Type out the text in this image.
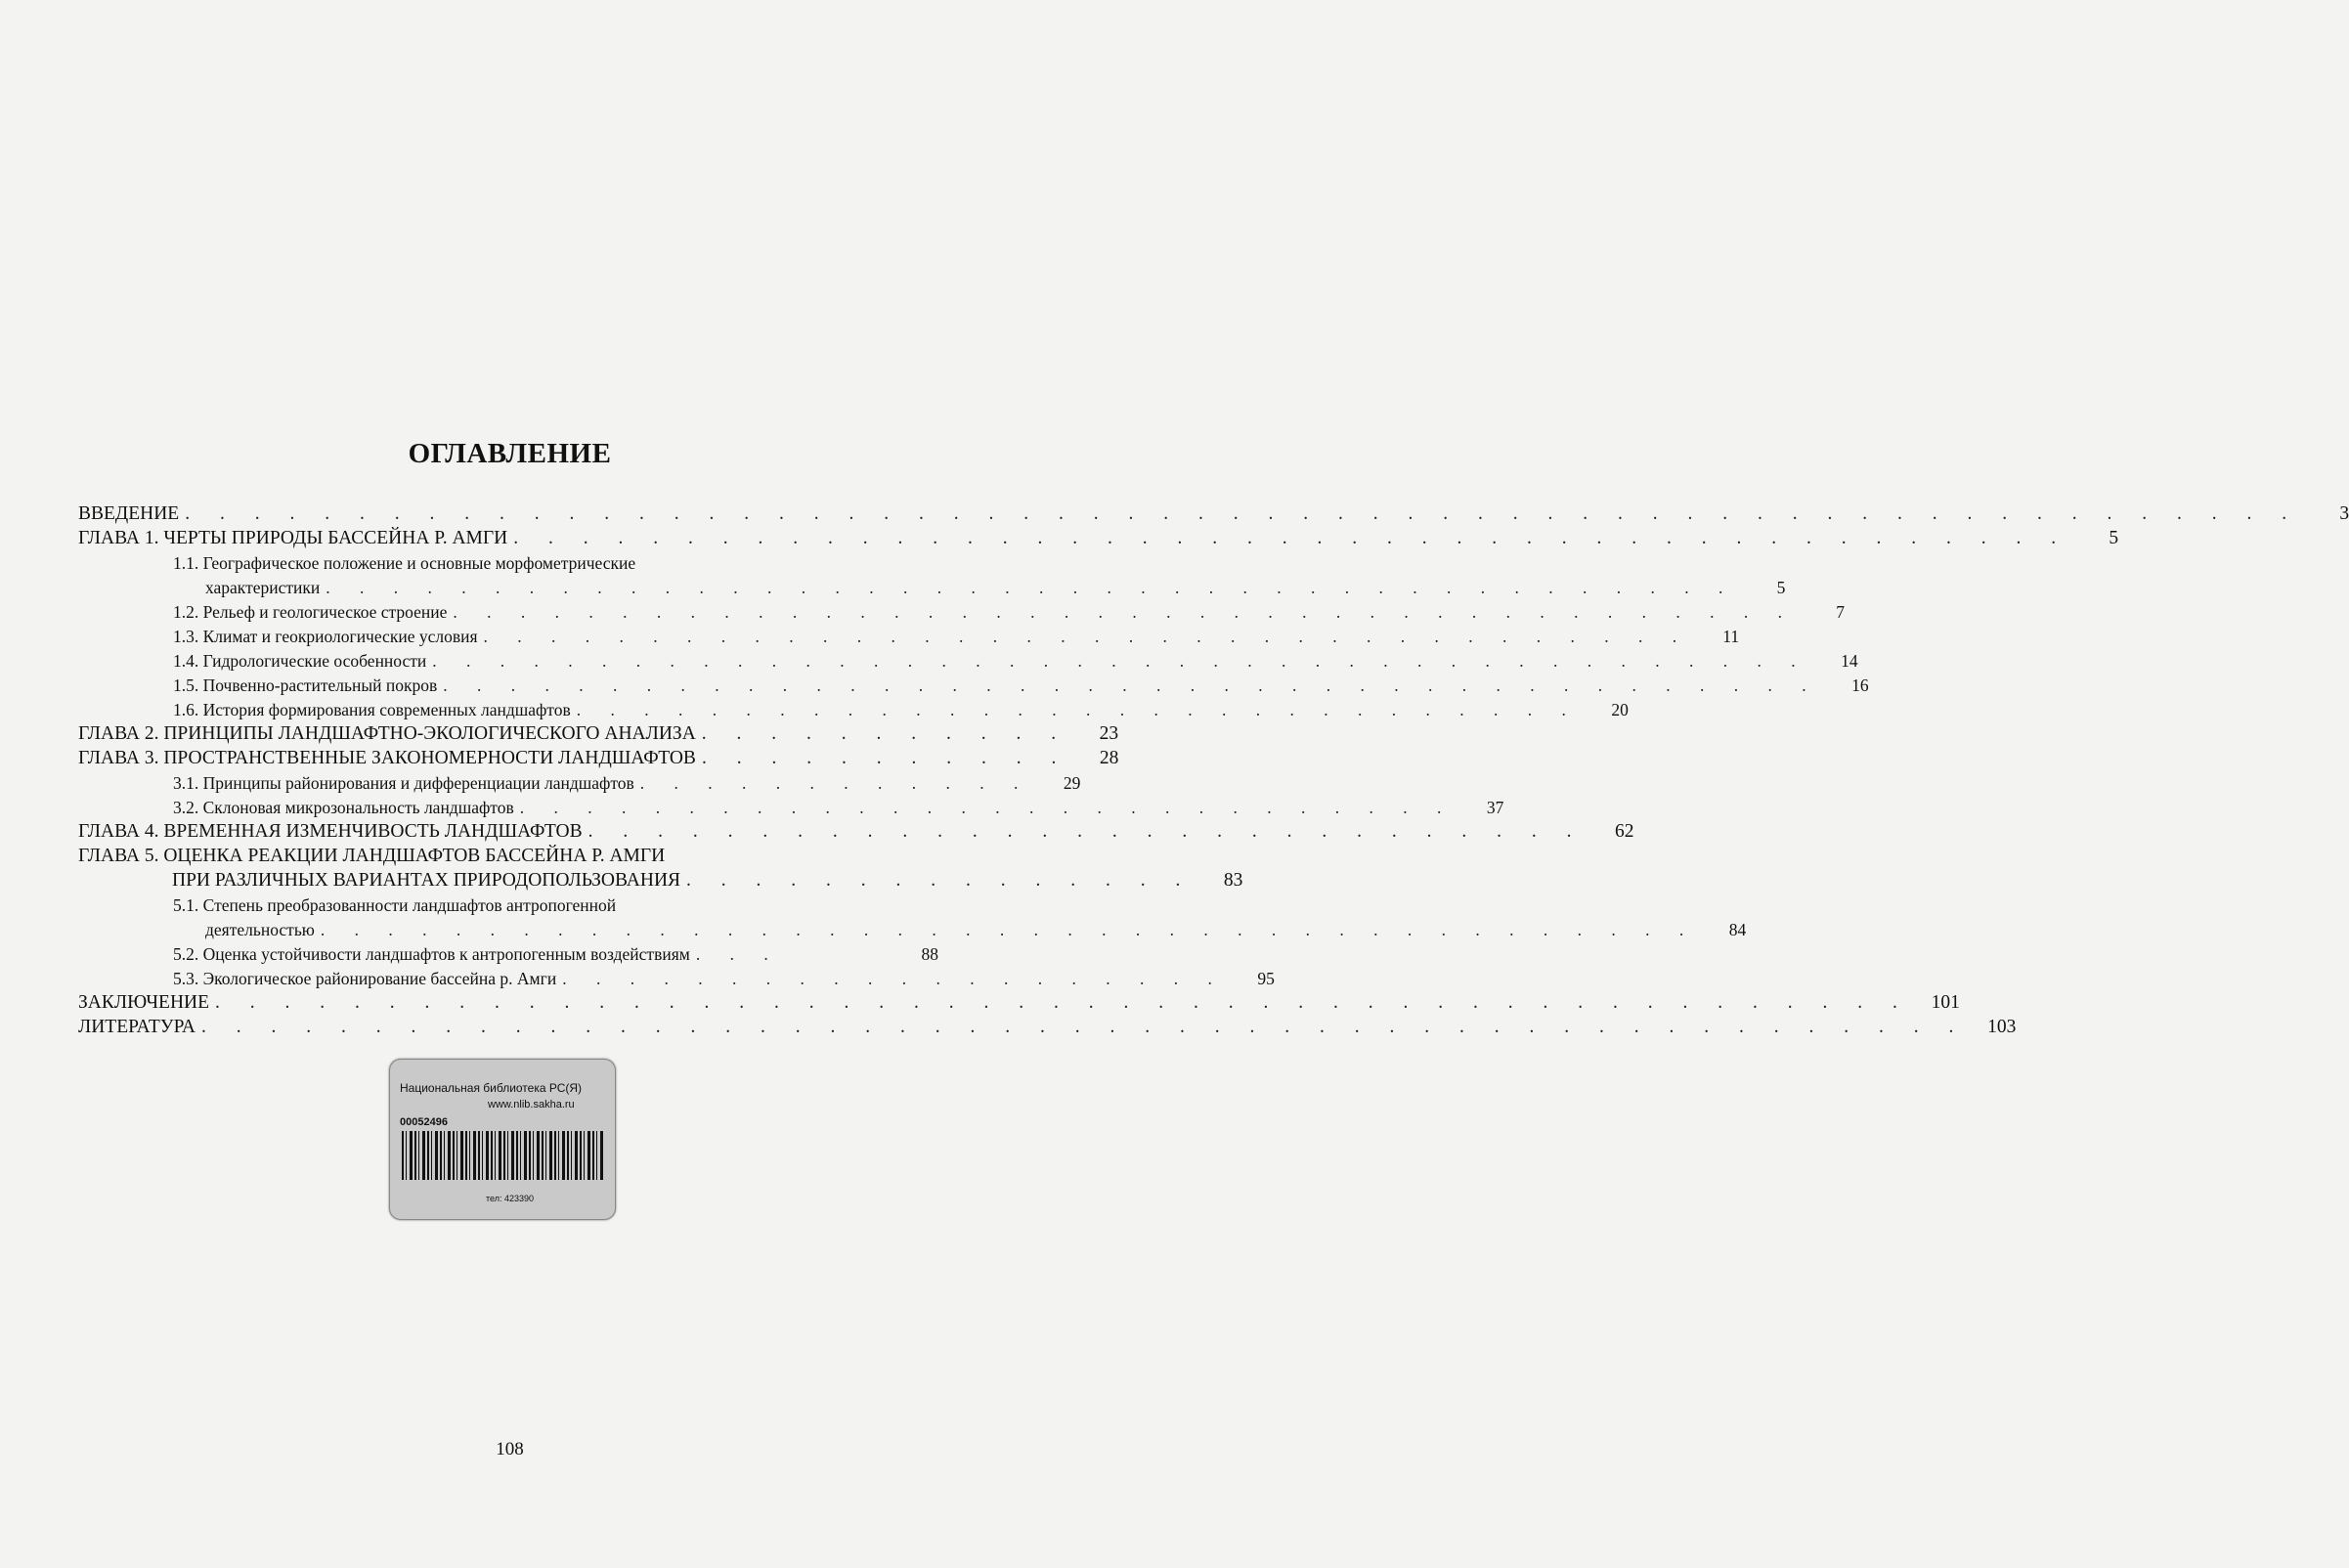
ОГЛАВЛЕНИЕ
ВВЕДЕНИЕ . . . . . . . . . . . . . . . . . . . . . . . . . . . . . . . . . . . . . . . . . . . . . . . . . . . . . . . . . . . . .	3
ГЛАВА 1. ЧЕРТЫ ПРИРОДЫ БАССЕЙНА Р. АМГИ . . . . . . . . . . . . . . . . . . . . . . . . . . . . . . . . . . . . . . . . . . . . .	5
1.1. Географическое положение и основные морфометрические
характеристики . . . . . . . . . . . . . . . . . . . . . . . . . . . . . . . . . . . . . . . . . .	5
1.2. Рельеф и геологическое строение . . . . . . . . . . . . . . . . . . . . . . . . . . . . . . . . . . . . . . . .	7
1.3. Климат и геокриологические условия . . . . . . . . . . . . . . . . . . . . . . . . . . . . . . . . . . . .	11
1.4. Гидрологические особенности . . . . . . . . . . . . . . . . . . . . . . . . . . . . . . . . . . . . . . . . .	14
1.5. Почвенно-растительный покров . . . . . . . . . . . . . . . . . . . . . . . . . . . . . . . . . . . . . . . . .	16
1.6. История формирования современных ландшафтов . . . . . . . . . . . . . . . . . . . . . . . . . . . . . .	20
ГЛАВА 2. ПРИНЦИПЫ ЛАНДШАФТНО-ЭКОЛОГИЧЕСКОГО АНАЛИЗА . . . . . . . . . . .	23
ГЛАВА 3. ПРОСТРАНСТВЕННЫЕ ЗАКОНОМЕРНОСТИ ЛАНДШАФТОВ . . . . . . . . . . .	28
3.1. Принципы районирования и дифференциации ландшафтов . . . . . . . . . . . .	29
3.2. Склоновая микрозональность ландшафтов . . . . . . . . . . . . . . . . . . . . . . . . . . . .	37
ГЛАВА 4. ВРЕМЕННАЯ ИЗМЕНЧИВОСТЬ ЛАНДШАФТОВ . . . . . . . . . . . . . . . . . . . . . . . . . . . . .	62
ГЛАВА 5. ОЦЕНКА РЕАКЦИИ ЛАНДШАФТОВ БАССЕЙНА Р. АМГИ
ПРИ РАЗЛИЧНЫХ ВАРИАНТАХ ПРИРОДОПОЛЬЗОВАНИЯ . . . . . . . . . . . . . . .	83
5.1. Степень преобразованности ландшафтов антропогенной
деятельностью . . . . . . . . . . . . . . . . . . . . . . . . . . . . . . . . . . . . . . . . .	84
5.2. Оценка устойчивости ландшафтов к антропогенным воздействиям . . .	88
5.3. Экологическое районирование бассейна р. Амги . . . . . . . . . . . . . . . . . . . .	95
ЗАКЛЮЧЕНИЕ . . . . . . . . . . . . . . . . . . . . . . . . . . . . . . . . . . . . . . . . . . . . . . . . .	101
ЛИТЕРАТУРА . . . . . . . . . . . . . . . . . . . . . . . . . . . . . . . . . . . . . . . . . . . . . . . . . . .	103
Национальная библиотека РС(Я)
www.nlib.sakha.ru
00052496
тел: 423390
108
